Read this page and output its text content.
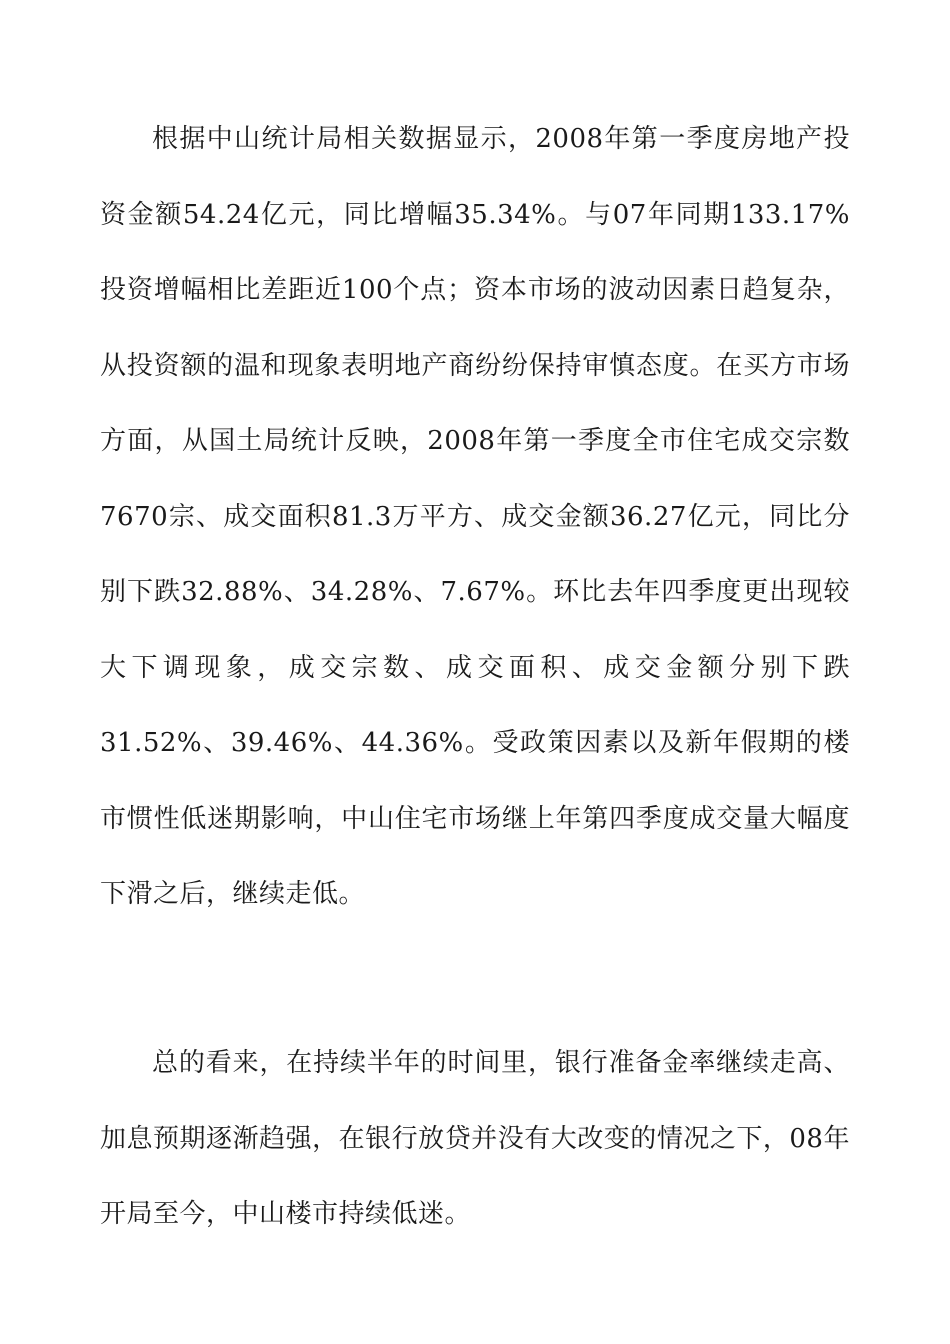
根据中山统计局相关数据显示，2008年第一季度房地产投资金额54.24亿元，同比增幅35.34%。与07年同期133.17%投资增幅相比差距近100个点；资本市场的波动因素日趋复杂，从投资额的温和现象表明地产商纷纷保持审慎态度。在买方市场方面，从国土局统计反映，2008年第一季度全市住宅成交宗数7670宗、成交面积81.3万平方、成交金额36.27亿元，同比分别下跌32.88%、34.28%、7.67%。环比去年四季度更出现较大下调现象，成交宗数、成交面积、成交金额分别下跌31.52%、39.46%、44.36%。受政策因素以及新年假期的楼市惯性低迷期影响，中山住宅市场继上年第四季度成交量大幅度下滑之后，继续走低。

总的看来，在持续半年的时间里，银行准备金率继续走高、加息预期逐渐趋强，在银行放贷并没有大改变的情况之下，08年开局至今，中山楼市持续低迷。
